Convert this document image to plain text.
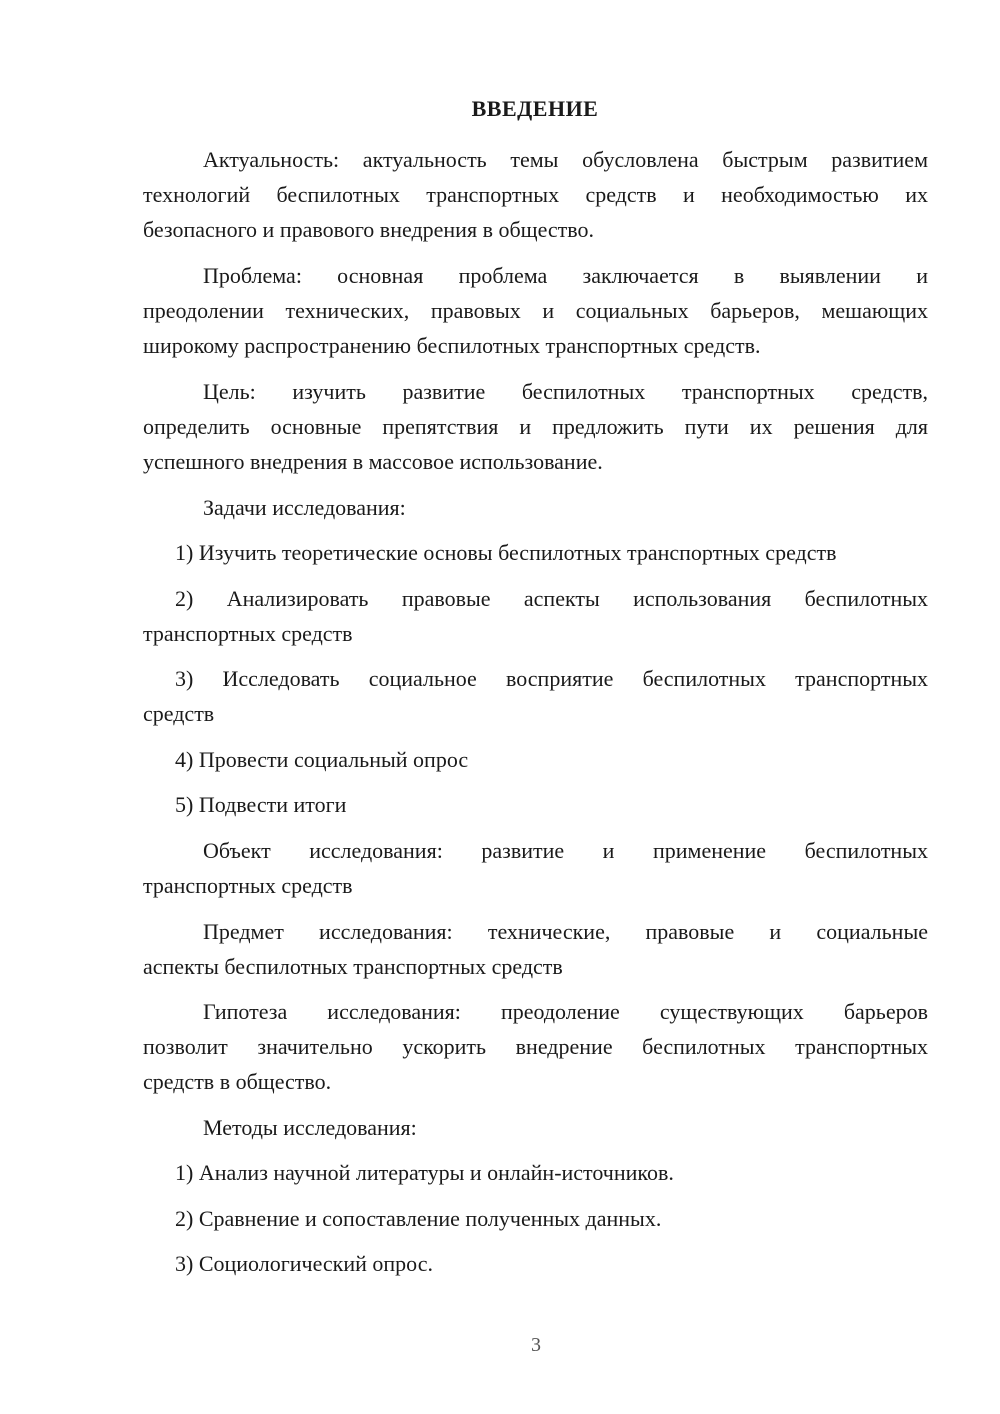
ВВЕДЕНИЕ
Актуальность: актуальность темы обусловлена быстрым развитием
технологий беспилотных транспортных средств и необходимостью их
безопасного и правового внедрения в общество.
Проблема: основная проблема заключается в выявлении и
преодолении технических, правовых и социальных барьеров, мешающих
широкому распространению беспилотных транспортных средств.
Цель: изучить развитие беспилотных транспортных средств,
определить основные препятствия и предложить пути их решения для
успешного внедрения в массовое использование.
Задачи исследования:
1) Изучить теоретические основы беспилотных транспортных средств
2) Анализировать правовые аспекты использования беспилотных
транспортных средств
3) Исследовать социальное восприятие беспилотных транспортных
средств
4) Провести социальный опрос
5) Подвести итоги
Объект исследования: развитие и применение беспилотных
транспортных средств
Предмет исследования: технические, правовые и социальные
аспекты беспилотных транспортных средств
Гипотеза исследования: преодоление существующих барьеров
позволит значительно ускорить внедрение беспилотных транспортных
средств в общество.
Методы исследования:
1) Анализ научной литературы и онлайн-источников.
2) Сравнение и сопоставление полученных данных.
3) Социологический опрос.
3
